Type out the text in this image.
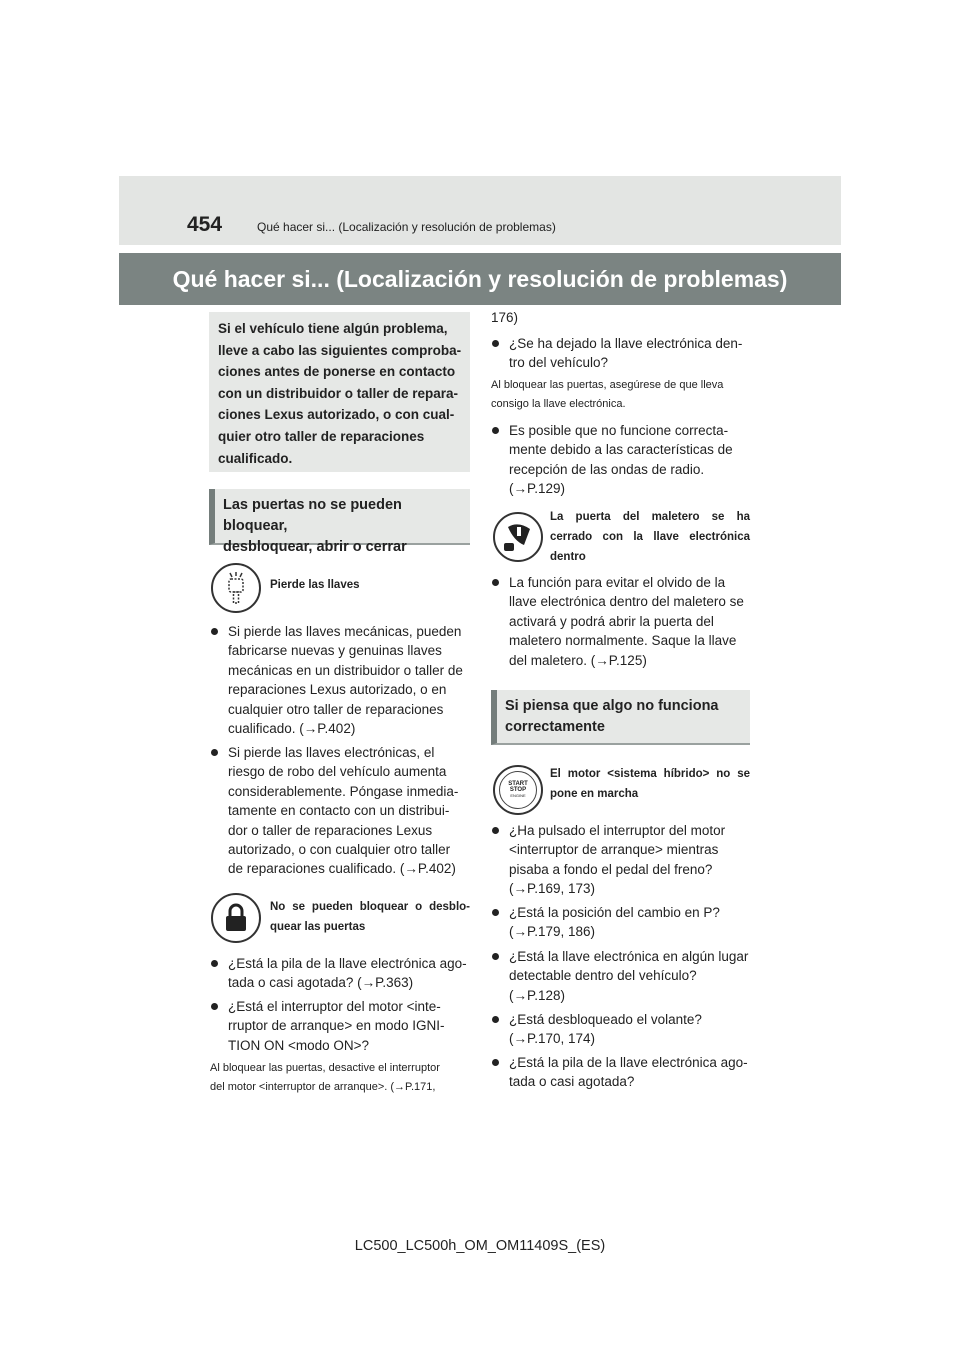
454	Qué hacer si... (Localización y resolución de problemas)
Qué hacer si... (Localización y resolución de problemas)
Si el vehículo tiene algún problema,
lleve a cabo las siguientes comproba-
ciones antes de ponerse en contacto
con un distribuidor o taller de repara-
ciones Lexus autorizado, o con cual-
quier otro taller de reparaciones
cualificado.
Las puertas no se pueden bloquear,
desbloquear, abrir o cerrar
Pierde las llaves
Si pierde las llaves mecánicas, pueden
fabricarse nuevas y genuinas llaves
mecánicas en un distribuidor o taller de
reparaciones Lexus autorizado, o en
cualquier otro taller de reparaciones
cualificado. (→P.402)
Si pierde las llaves electrónicas, el
riesgo de robo del vehículo aumenta
considerablemente. Póngase inmedia-
tamente en contacto con un distribui-
dor o taller de reparaciones Lexus
autorizado, o con cualquier otro taller
de reparaciones cualificado. (→P.402)
No se pueden bloquear o desblo-
quear las puertas
¿Está la pila de la llave electrónica ago-
tada o casi agotada? (→P.363)
¿Está el interruptor del motor <inte-
rruptor de arranque> en modo IGNI-
TION ON <modo ON>?
Al bloquear las puertas, desactive el interruptor
del motor <interruptor de arranque>. (→P.171,
176)
¿Se ha dejado la llave electrónica den-
tro del vehículo?
Al bloquear las puertas, asegúrese de que lleva
consigo la llave electrónica.
Es posible que no funcione correcta-
mente debido a las características de
recepción de las ondas de radio.
(→P.129)
La puerta del maletero se ha
cerrado con la llave electrónica
dentro
La función para evitar el olvido de la
llave electrónica dentro del maletero se
activará y podrá abrir la puerta del
maletero normalmente. Saque la llave
del maletero. (→P.125)
Si piensa que algo no funciona
correctamente
START
STOP
ENGINE
El motor <sistema híbrido> no se
pone en marcha
¿Ha pulsado el interruptor del motor
<interruptor de arranque> mientras
pisaba a fondo el pedal del freno?
(→P.169, 173)
¿Está la posición del cambio en P?
(→P.179, 186)
¿Está la llave electrónica en algún lugar
detectable dentro del vehículo?
(→P.128)
¿Está desbloqueado el volante?
(→P.170, 174)
¿Está la pila de la llave electrónica ago-
tada o casi agotada?
LC500_LC500h_OM_OM11409S_(ES)
